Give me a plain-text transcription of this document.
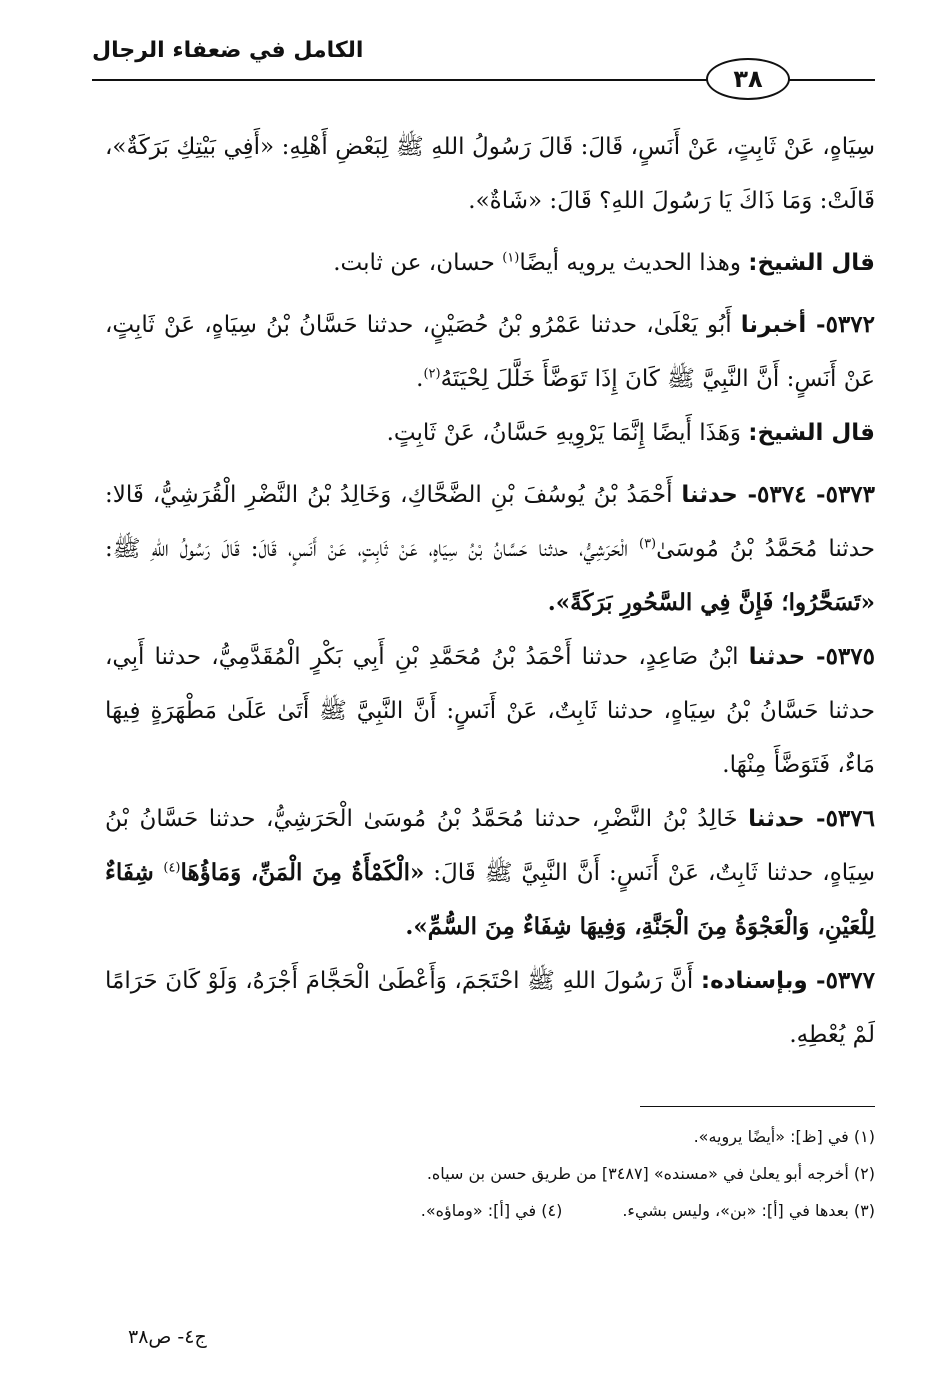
الكامل في ضعفاء الرجال
٣٨

سِيَاهٍ، عَنْ ثَابِتٍ، عَنْ أَنَسٍ، قَالَ: قَالَ رَسُولُ اللهِ ﷺ لِبَعْضِ أَهْلِهِ: «أَفِي بَيْتِكِ بَرَكَةٌ»، قَالَتْ: وَمَا ذَاكَ يَا رَسُولَ اللهِ؟ قَالَ: «شَاةٌ».

قال الشيخ: وهذا الحديث يرويه أيضًا$^{(١)}$ حسان، عن ثابت.

٥٣٧٢- أخبرنا أَبُو يَعْلَىٰ، حدثنا عَمْرُو بْنُ حُصَيْنٍ، حدثنا حَسَّانُ بْنُ سِيَاهٍ، عَنْ ثَابِتٍ، عَنْ أَنَسٍ: أَنَّ النَّبِيَّ ﷺ كَانَ إِذَا تَوَضَّأَ خَلَّلَ لِحْيَتَهُ$^{(٢)}$.

قال الشيخ: وَهَذَا أَيضًا إِنَّمَا يَرْوِيهِ حَسَّانُ، عَنْ ثَابِتٍ.

٥٣٧٣- ٥٣٧٤- حدثنا أَحْمَدُ بْنُ يُوسُفَ بْنِ الضَّحَّاكِ، وَخَالِدُ بْنُ النَّضْرِ الْقُرَشِيُّ، قَالا: حدثنا مُحَمَّدُ بْنُ مُوسَىٰ$^{(٣)}$ الْحَرَشِيُّ، حدثنا حَسَّانُ بْنُ سِيَاهٍ، عَنْ ثَابِتٍ، عَنْ أَنَسٍ، قَالَ: قَالَ رَسُولُ اللهِ ﷺ: «تَسَحَّرُوا؛ فَإِنَّ فِي السَّحُورِ بَرَكَةً».

٥٣٧٥- حدثنا ابْنُ صَاعِدٍ، حدثنا أَحْمَدُ بْنُ مُحَمَّدِ بْنِ أَبِي بَكْرٍ الْمُقَدَّمِيُّ، حدثنا أَبِي، حدثنا حَسَّانُ بْنُ سِيَاهٍ، حدثنا ثَابِتٌ، عَنْ أَنَسٍ: أَنَّ النَّبِيَّ ﷺ أَتَىٰ عَلَىٰ مَطْهَرَةٍ فِيهَا مَاءٌ، فَتَوَضَّأَ مِنْهَا.

٥٣٧٦- حدثنا خَالِدُ بْنُ النَّضْرِ، حدثنا مُحَمَّدُ بْنُ مُوسَىٰ الْحَرَشِيُّ، حدثنا حَسَّانُ بْنُ سِيَاهٍ، حدثنا ثَابِتٌ، عَنْ أَنَسٍ: أَنَّ النَّبِيَّ ﷺ قَالَ: «الْكَمْأَةُ مِنَ الْمَنِّ، وَمَاؤُهَا$^{(٤)}$ شِفَاءٌ لِلْعَيْنِ، وَالْعَجْوَةُ مِنَ الْجَنَّةِ، وَفِيهَا شِفَاءٌ مِنَ السُّمِّ».

٥٣٧٧- وبإسناده: أَنَّ رَسُولَ اللهِ ﷺ احْتَجَمَ، وَأَعْطَىٰ الْحَجَّامَ أَجْرَهُ، وَلَوْ كَانَ حَرَامًا لَمْ يُعْطِهِ.

(١) في [ظ]: «أيضًا يرويه».
(٢) أخرجه أبو يعلىٰ في «مسنده» [٣٤٨٧] من طريق حسن بن سياه.
(٣) بعدها في [أ]: «بن»، وليس بشيء.
(٤) في [أ]: «وماؤه».
ج٤- ص٣٨
